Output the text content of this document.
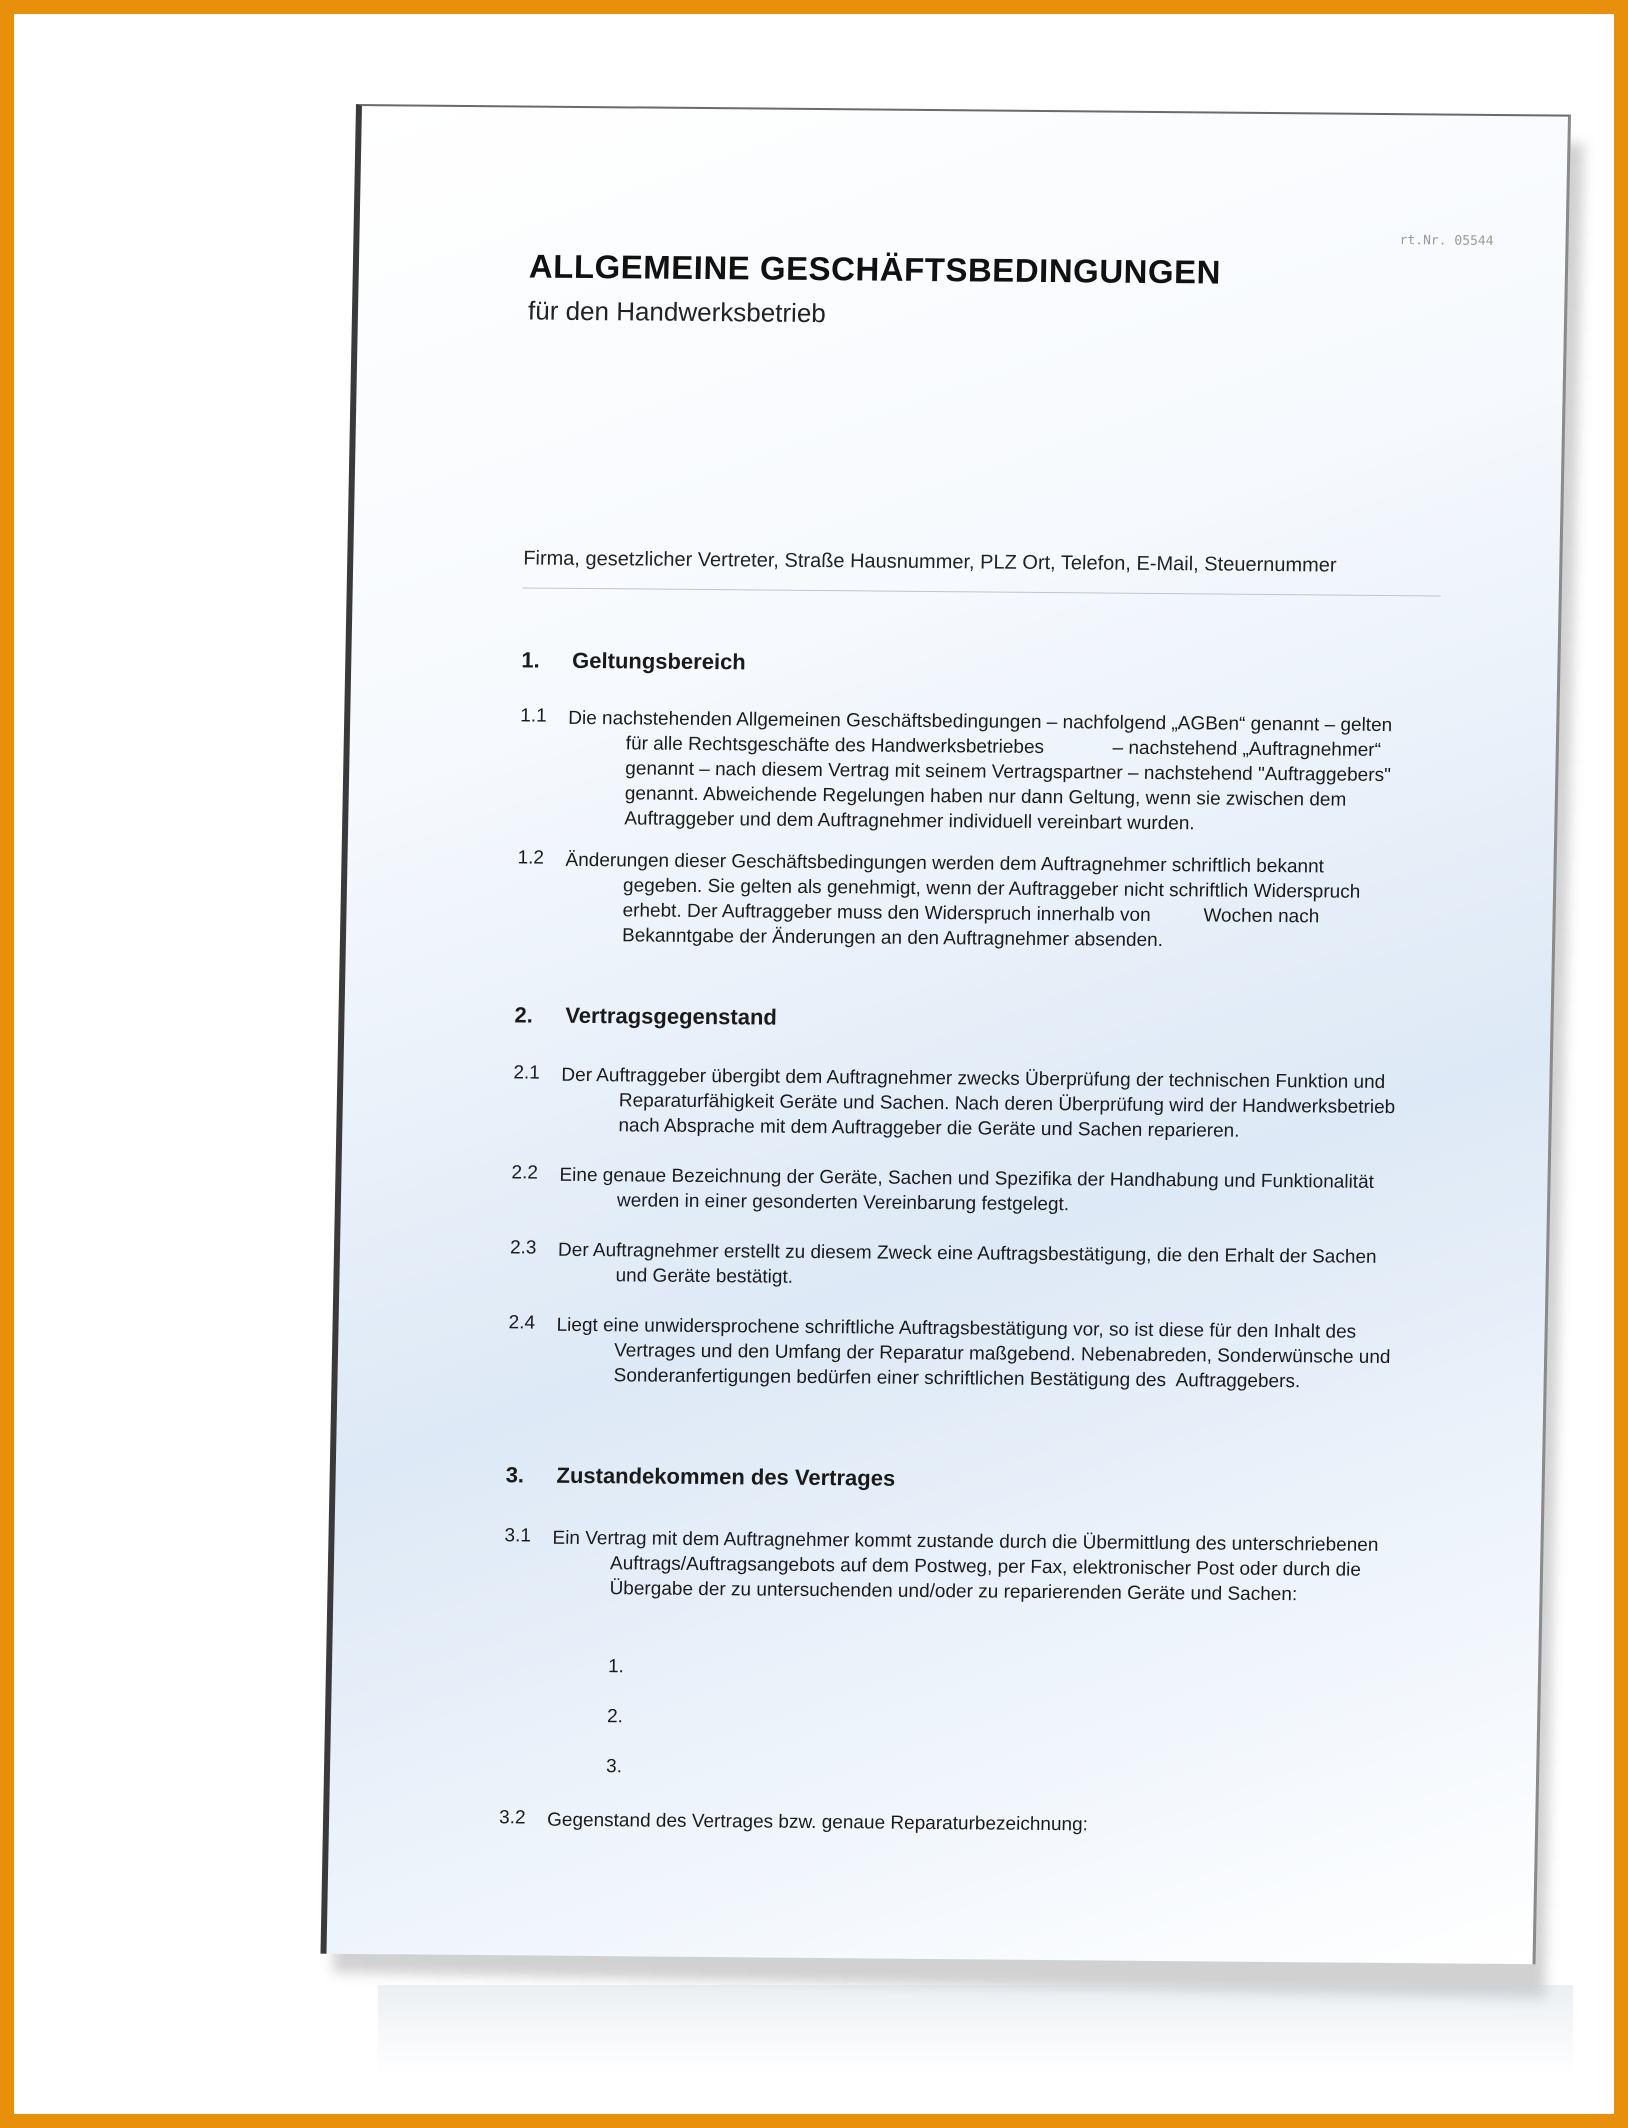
rt.Nr. 05544
ALLGEMEINE GESCHÄFTSBEDINGUNGEN
für den Handwerksbetrieb
Firma, gesetzlicher Vertreter, Straße Hausnummer, PLZ Ort, Telefon, E-Mail, Steuernummer
1. Geltungsbereich
1.1 Die nachstehenden Allgemeinen Geschäftsbedingungen – nachfolgend „AGBen“ genannt – gelten
für alle Rechtsgeschäfte des Handwerksbetriebes             – nachstehend „Auftragnehmer“
genannt – nach diesem Vertrag mit seinem Vertragspartner – nachstehend "Auftraggebers"
genannt. Abweichende Regelungen haben nur dann Geltung, wenn sie zwischen dem
Auftraggeber und dem Auftragnehmer individuell vereinbart wurden.
1.2 Änderungen dieser Geschäftsbedingungen werden dem Auftragnehmer schriftlich bekannt
gegeben. Sie gelten als genehmigt, wenn der Auftraggeber nicht schriftlich Widerspruch
erhebt. Der Auftraggeber muss den Widerspruch innerhalb von          Wochen nach
Bekanntgabe der Änderungen an den Auftragnehmer absenden.
2. Vertragsgegenstand
2.1 Der Auftraggeber übergibt dem Auftragnehmer zwecks Überprüfung der technischen Funktion und
Reparaturfähigkeit Geräte und Sachen. Nach deren Überprüfung wird der Handwerksbetrieb
nach Absprache mit dem Auftraggeber die Geräte und Sachen reparieren.
2.2 Eine genaue Bezeichnung der Geräte, Sachen und Spezifika der Handhabung und Funktionalität
werden in einer gesonderten Vereinbarung festgelegt.
2.3 Der Auftragnehmer erstellt zu diesem Zweck eine Auftragsbestätigung, die den Erhalt der Sachen
und Geräte bestätigt.
2.4 Liegt eine unwidersprochene schriftliche Auftragsbestätigung vor, so ist diese für den Inhalt des
Vertrages und den Umfang der Reparatur maßgebend. Nebenabreden, Sonderwünsche und
Sonderanfertigungen bedürfen einer schriftlichen Bestätigung des  Auftraggebers.
3. Zustandekommen des Vertrages
3.1 Ein Vertrag mit dem Auftragnehmer kommt zustande durch die Übermittlung des unterschriebenen
Auftrags/Auftragsangebots auf dem Postweg, per Fax, elektronischer Post oder durch die
Übergabe der zu untersuchenden und/oder zu reparierenden Geräte und Sachen:
1.
2.
3.
3.2 Gegenstand des Vertrages bzw. genaue Reparaturbezeichnung:
